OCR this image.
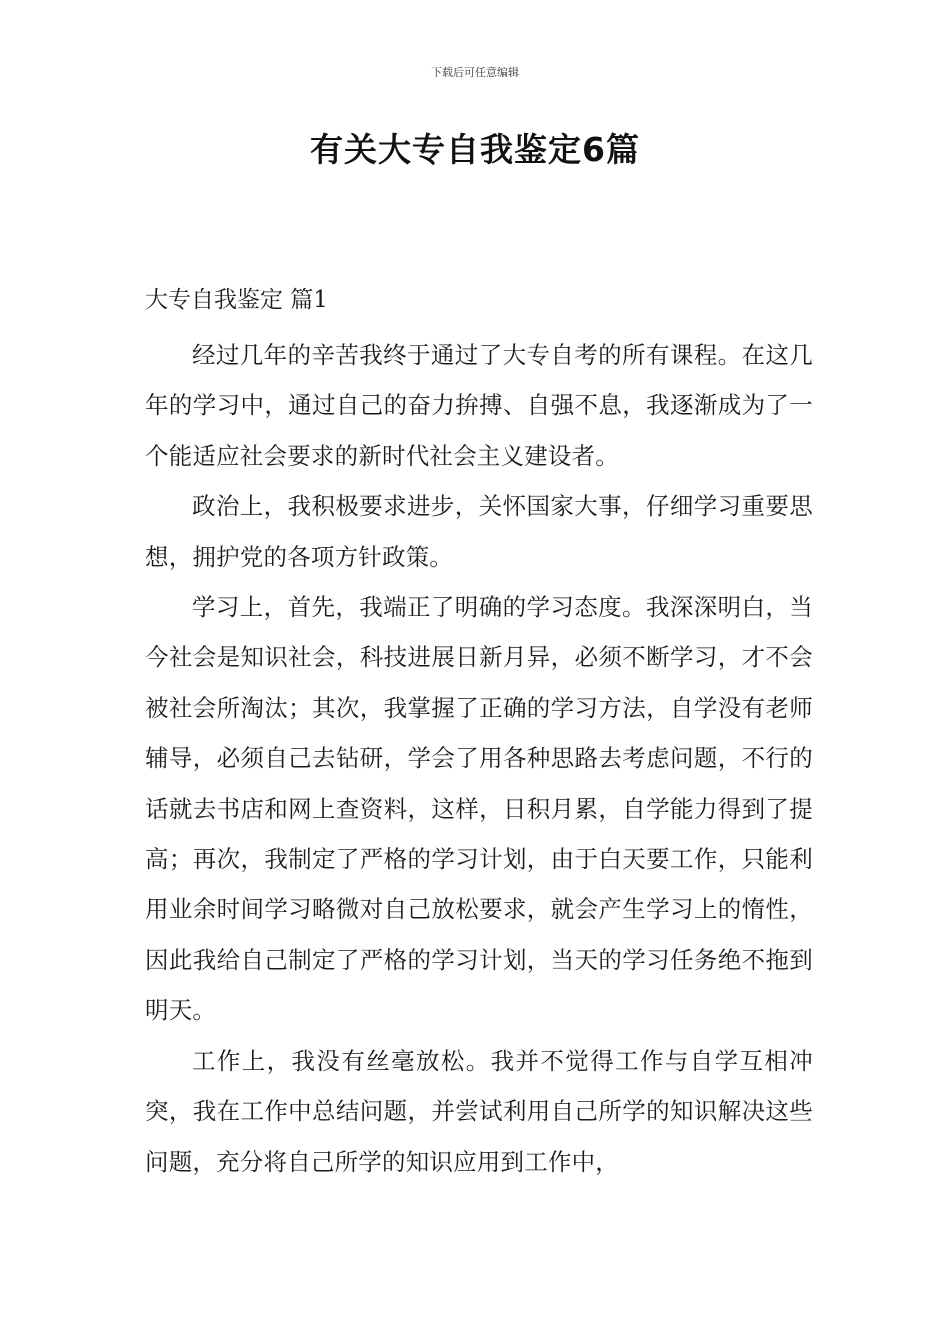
下载后可任意编辑
有关大专自我鉴定6篇
大专自我鉴定 篇1

经过几年的辛苦我终于通过了大专自考的所有课程。在这几年的学习中，通过自己的奋力拚搏、自强不息，我逐渐成为了一个能适应社会要求的新时代社会主义建设者。

政治上，我积极要求进步，关怀国家大事，仔细学习重要思想，拥护党的各项方针政策。

学习上，首先，我端正了明确的学习态度。我深深明白，当今社会是知识社会，科技进展日新月异，必须不断学习，才不会被社会所淘汰；其次，我掌握了正确的学习方法，自学没有老师辅导，必须自己去钻研，学会了用各种思路去考虑问题，不行的话就去书店和网上查资料，这样，日积月累，自学能力得到了提高；再次，我制定了严格的学习计划，由于白天要工作，只能利用业余时间学习略微对自己放松要求，就会产生学习上的惰性，因此我给自己制定了严格的学习计划，当天的学习任务绝不拖到明天。

工作上，我没有丝毫放松。我并不觉得工作与自学互相冲突，我在工作中总结问题，并尝试利用自己所学的知识解决这些问题，充分将自己所学的知识应用到工作中，
